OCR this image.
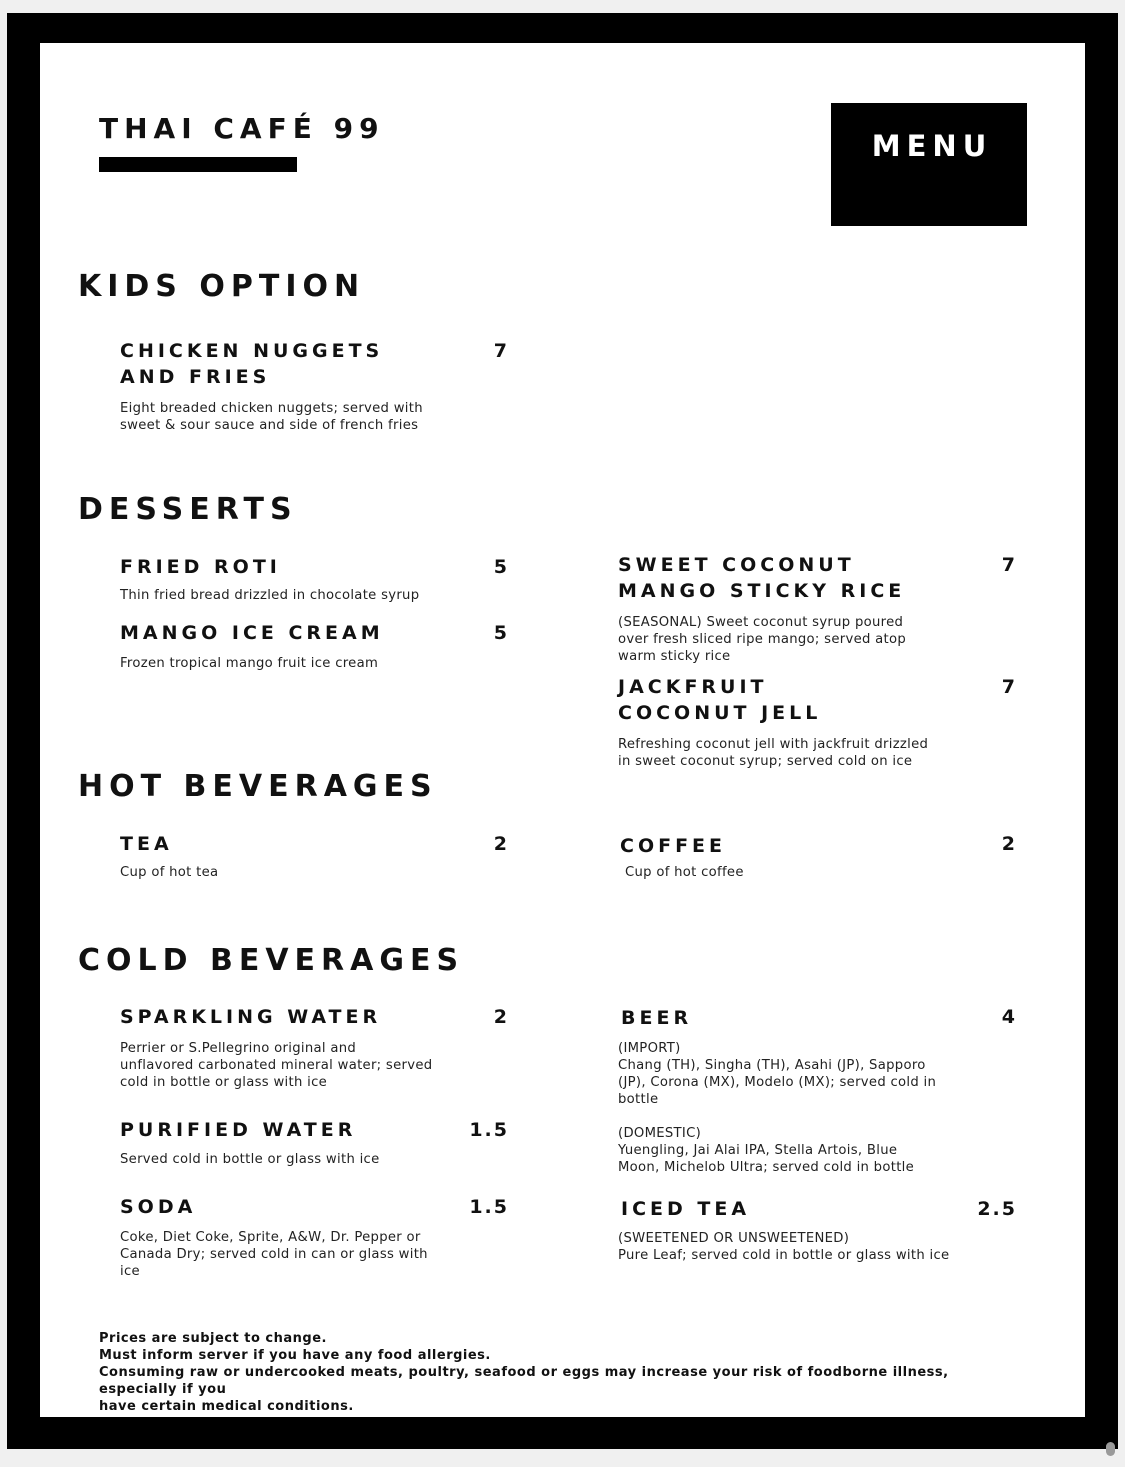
THAI CAFÉ 99
MENU
KIDS OPTION
CHICKEN NUGGETS
AND FRIES
Eight breaded chicken nuggets; served with
sweet & sour sauce and side of french fries
7
DESSERTS
FRIED ROTI
Thin fried bread drizzled in chocolate syrup
5
MANGO ICE CREAM
Frozen tropical mango fruit ice cream
5
SWEET COCONUT
MANGO STICKY RICE
(SEASONAL) Sweet coconut syrup poured
over fresh sliced ripe mango; served atop
warm sticky rice
7
JACKFRUIT
COCONUT JELL
Refreshing coconut jell with jackfruit drizzled
in sweet coconut syrup; served cold on ice
7
HOT BEVERAGES
TEA
Cup of hot tea
2	COFFEE
Cup of hot coffee
2
COLD BEVERAGES
SPARKLING WATER
Perrier or S.Pellegrino original and
unflavored carbonated mineral water; served
cold in bottle or glass with ice
2
PURIFIED WATER
Served cold in bottle or glass with ice
1.5
SODA
Coke, Diet Coke, Sprite, A&W, Dr. Pepper or
Canada Dry; served cold in can or glass with
ice
1.5
BEER
(IMPORT)
Chang (TH), Singha (TH), Asahi (JP), Sapporo
(JP), Corona (MX), Modelo (MX); served cold in
bottle
(DOMESTIC)
Yuengling, Jai Alai IPA, Stella Artois, Blue
Moon, Michelob Ultra; served cold in bottle
4
ICED TEA
(SWEETENED OR UNSWEETENED)
Pure Leaf; served cold in bottle or glass with ice
2.5
Prices are subject to change.
Must inform server if you have any food allergies.
Consuming raw or undercooked meats, poultry, seafood or eggs may increase your risk of foodborne illness, especially if you
have certain medical conditions.
